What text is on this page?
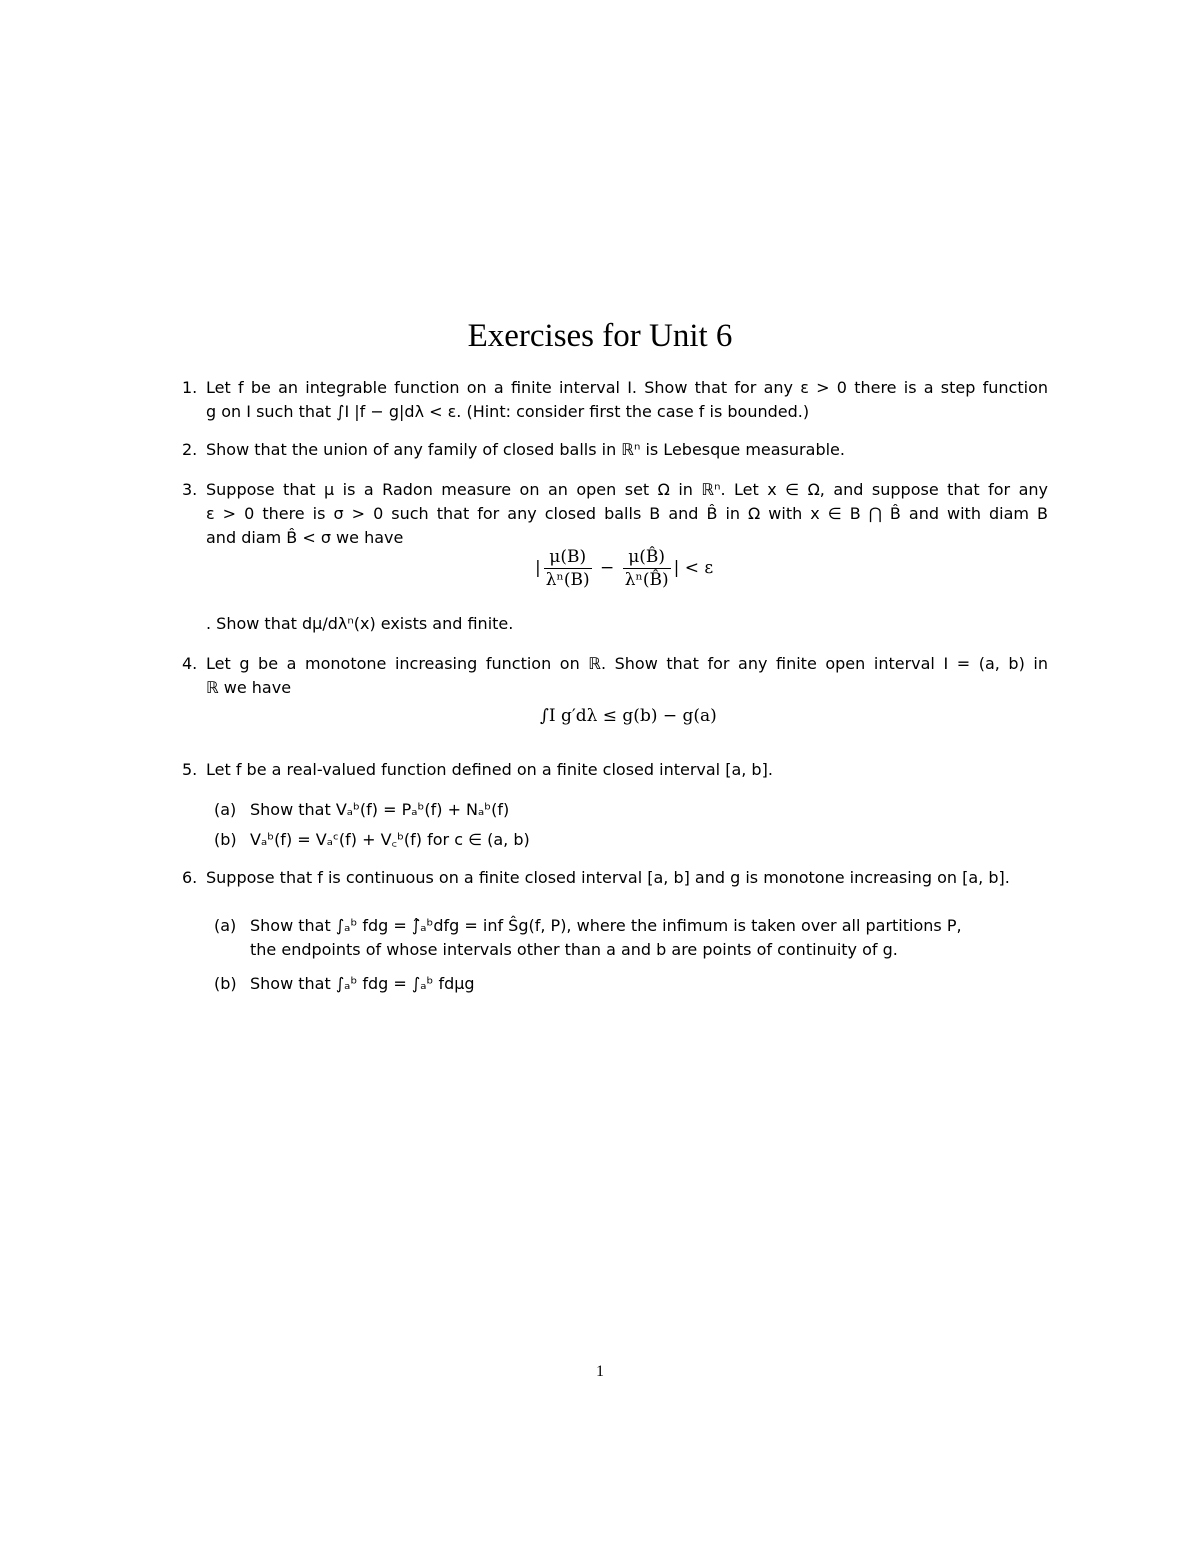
Exercises for Unit 6
1. Let f be an integrable function on a finite interval I. Show that for any ε > 0 there is a step function
g on I such that ∫I |f − g|dλ < ε. (Hint: consider first the case f is bounded.)
2. Show that the union of any family of closed balls in ℝⁿ is Lebesque measurable.
3. Suppose that μ is a Radon measure on an open set Ω in ℝⁿ. Let x ∈ Ω, and suppose that for any
ε > 0 there is σ > 0 such that for any closed balls B and B̂ in Ω with x ∈ B ⋂ B̂ and with diam B
and diam B̂ < σ we have
| $\frac{\mu(B)}{\text{λⁿ(B)}} - \frac{\mu(B̂)}{\text{λⁿ(B̂)}}$ | < ε
. Show that dμ/dλⁿ(x) exists and finite.
4. Let g be a monotone increasing function on ℝ. Show that for any finite open interval I = (a, b) in
ℝ we have
∫I g′dλ ≤ g(b) − g(a)
5. Let f be a real-valued function defined on a finite closed interval [a, b].
(a) Show that Vₐᵇ(f) = Pₐᵇ(f) + Nₐᵇ(f)
(b) Vₐᵇ(f) = Vₐᶜ(f) + V꜀ᵇ(f) for c ∈ (a, b)
6. Suppose that f is continuous on a finite closed interval [a, b] and g is monotone increasing on [a, b].
(a) Show that ∫ₐᵇ fdg = ∫̂ₐᵇdfg = inf Ŝg(f, P), where the infimum is taken over all partitions P,
the endpoints of whose intervals other than a and b are points of continuity of g.
(b) Show that ∫ₐᵇ fdg = ∫ₐᵇ fdμg
1
